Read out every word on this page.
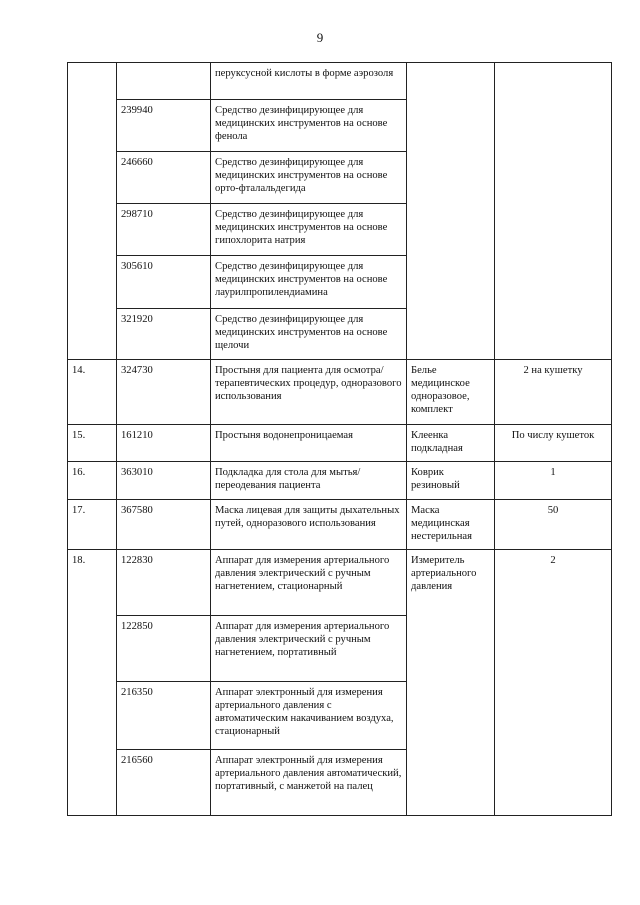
9
		перуксусной кислоты в форме аэрозоля		
	239940	Средство дезинфицирующее для медицинских инструментов на основе фенола		
	246660	Средство дезинфицирующее для медицинских инструментов на основе орто-фталальдегида		
	298710	Средство дезинфицирующее для медицинских инструментов на основе гипохлорита натрия		
	305610	Средство дезинфицирующее для медицинских инструментов на основе лаурилпропилендиамина		
	321920	Средство дезинфицирующее для медицинских инструментов на основе щелочи		
14.	324730	Простыня для пациента для осмотра/терапевтических процедур, одноразового использования	Белье медицинское одноразовое, комплект	2 на кушетку
15.	161210	Простыня водонепроницаемая	Клеенка подкладная	По числу кушеток
16.	363010	Подкладка для стола для мытья/переодевания пациента	Коврик резиновый	1
17.	367580	Маска лицевая для защиты дыхательных путей, одноразового использования	Маска медицинская нестерильная	50
18.	122830	Аппарат для измерения артериального давления электрический с ручным нагнетением, стационарный	Измеритель артериального давления	2
	122850	Аппарат для измерения артериального давления электрический с ручным нагнетением, портативный		
	216350	Аппарат электронный для измерения артериального давления с автоматическим накачиванием воздуха, стационарный		
	216560	Аппарат электронный для измерения артериального давления автоматический, портативный, с манжетой на палец		
